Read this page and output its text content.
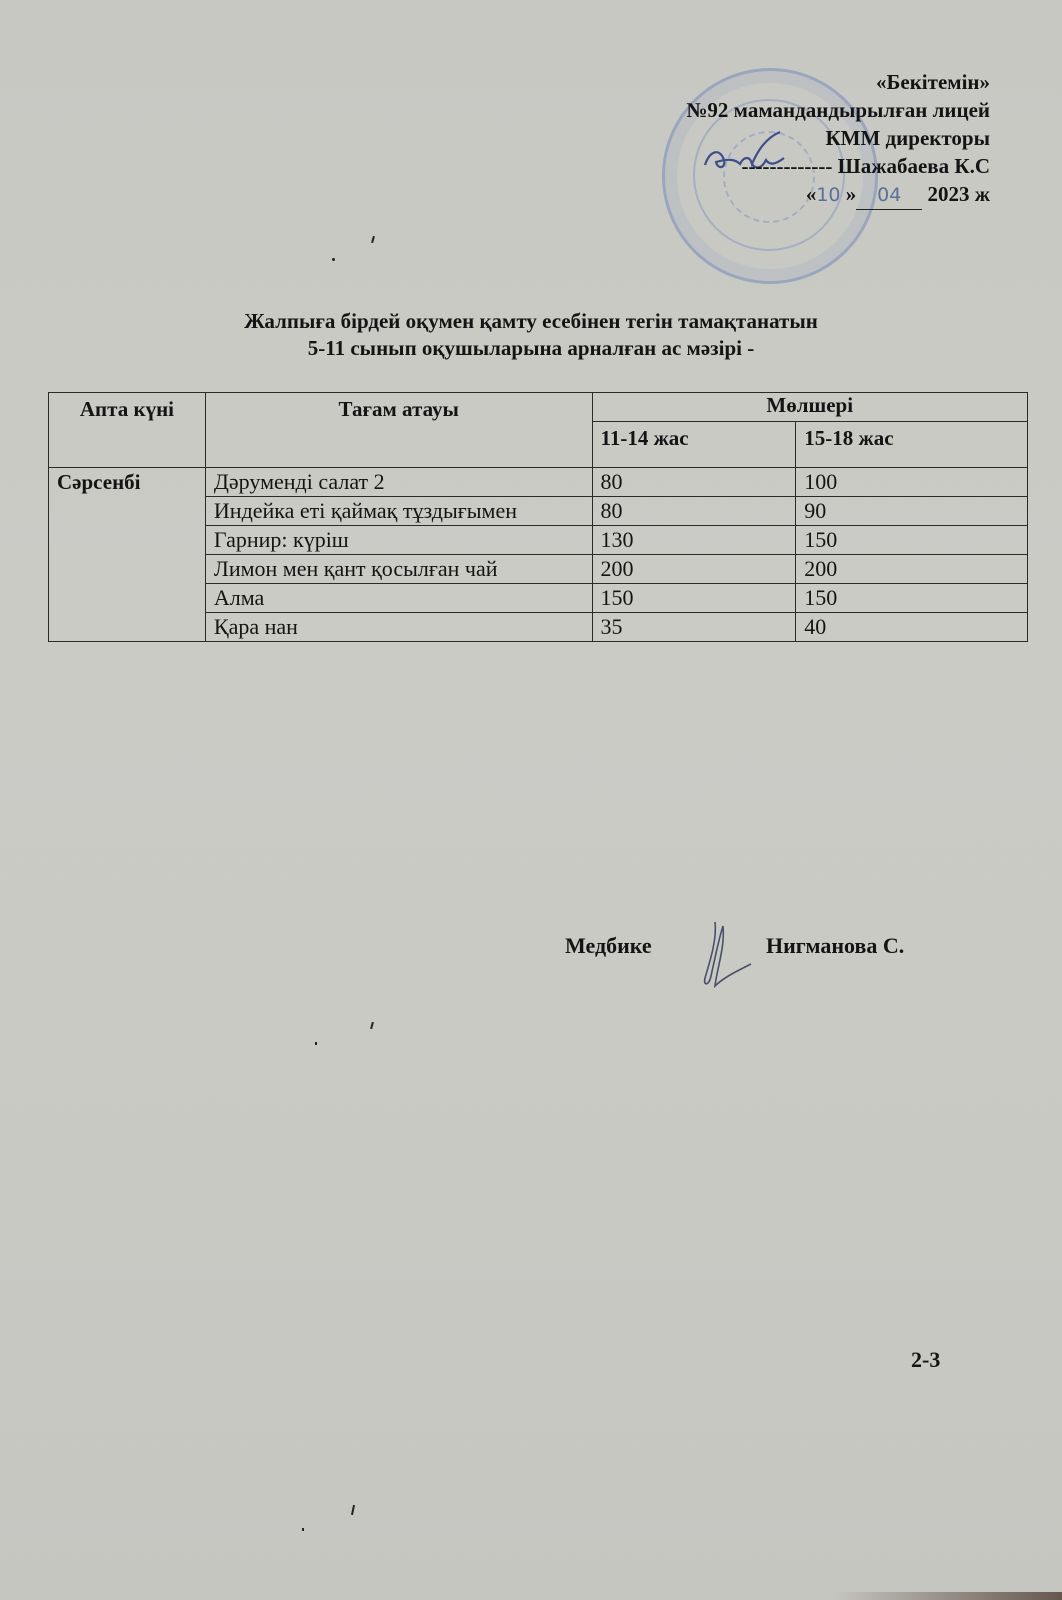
«Бекітемін»
№92 мамандандырылған лицей
КММ директоры
------------- Шажабаева К.С
«10 » 04 2023 ж
Жалпыға бірдей оқумен қамту есебінен тегін тамақтанатын
5-11 сынып оқушыларына арналған ас мәзірі -
Апта күні	Тағам атауы	Мөлшері	
		11-14 жас	15-18 жас
Сәрсенбі	Дәруменді салат 2	80	100
	Индейка еті қаймақ тұздығымен	80	90
	Гарнир: күріш	130	150
	Лимон мен қант қосылған чай	200	200
	Алма	150	150
	Қара нан	35	40
Медбике	Нигманова С.
2-3
